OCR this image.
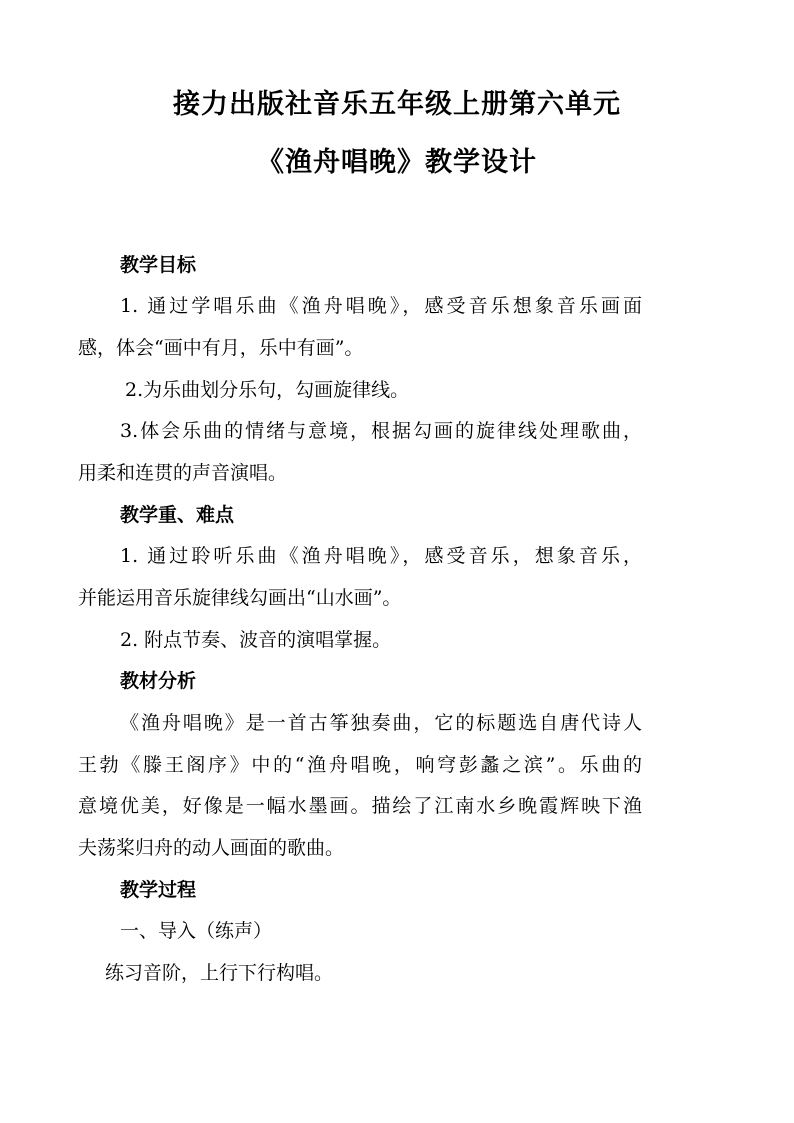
接力出版社音乐五年级上册第六单元
《渔舟唱晚》教学设计
教学目标
1. 通过学唱乐曲《渔舟唱晚》，感受音乐想象音乐画面
感，体会“画中有月，乐中有画”。
2.为乐曲划分乐句，勾画旋律线。
3.体会乐曲的情绪与意境，根据勾画的旋律线处理歌曲，
用柔和连贯的声音演唱。
教学重、难点
1. 通过聆听乐曲《渔舟唱晚》，感受音乐，想象音乐，
并能运用音乐旋律线勾画出“山水画”。
2. 附点节奏、波音的演唱掌握。
教材分析
《渔舟唱晚》是一首古筝独奏曲，它的标题选自唐代诗人
王勃《滕王阁序》中的“渔舟唱晚，响穹彭蠡之滨”。乐曲的
意境优美，好像是一幅水墨画。描绘了江南水乡晚霞辉映下渔
夫荡桨归舟的动人画面的歌曲。
教学过程
一、导入（练声）
练习音阶，上行下行构唱。
